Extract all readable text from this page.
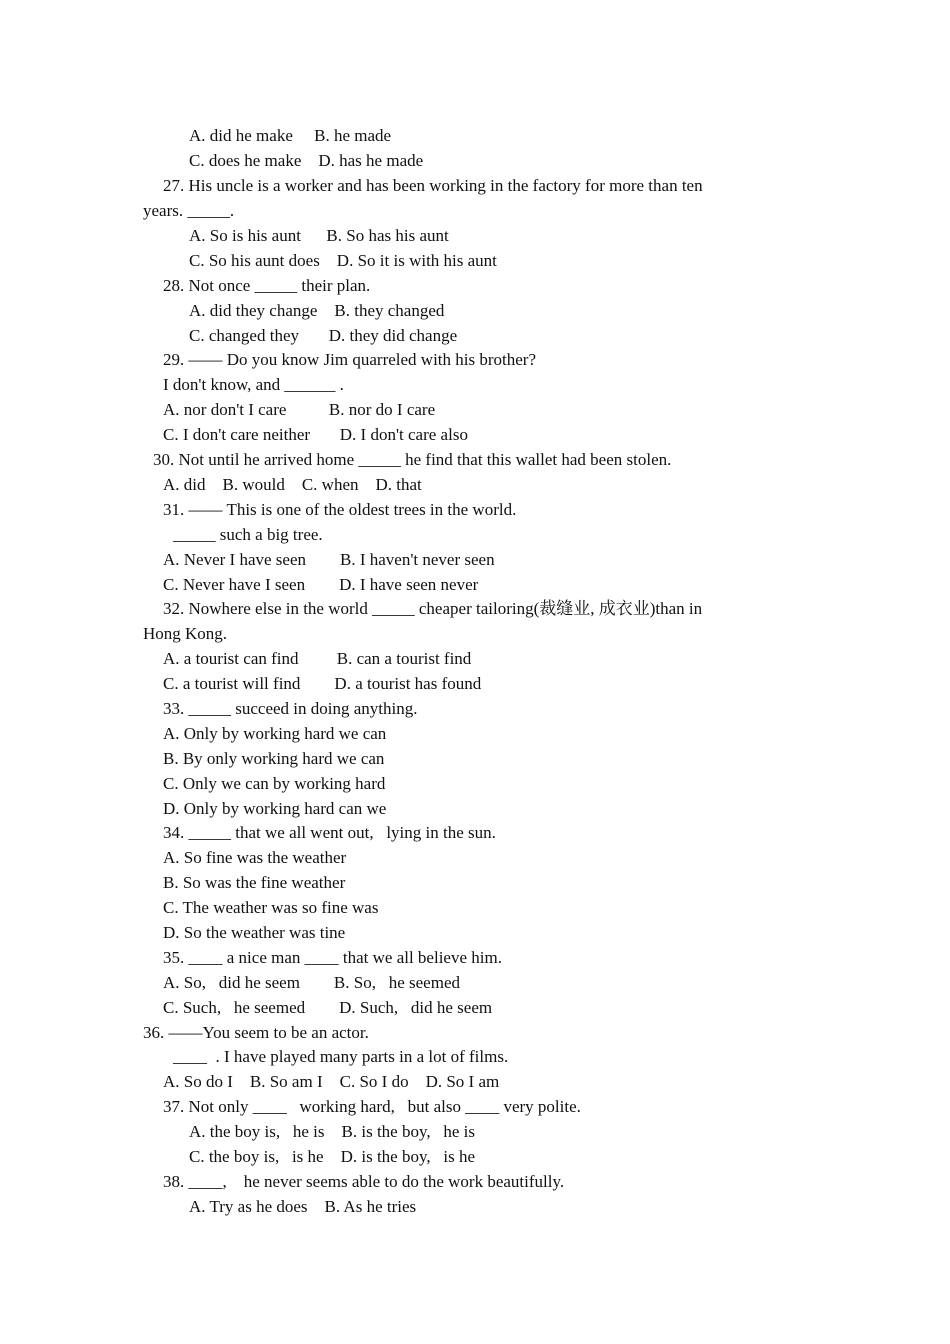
A. did he make     B. he made
C. does he make    D. has he made
27. His uncle is a worker and has been working in the factory for more than ten
years. _____.
A. So is his aunt      B. So has his aunt
C. So his aunt does    D. So it is with his aunt
28. Not once _____ their plan.
A. did they change    B. they changed
C. changed they       D. they did change
29. —— Do you know Jim quarreled with his brother?
I don't know, and ______ .
A. nor don't I care          B. nor do I care
C. I don't care neither       D. I don't care also
30. Not until he arrived home _____ he find that this wallet had been stolen.
A. did    B. would    C. when    D. that
31. —— This is one of the oldest trees in the world.
_____ such a big tree.
A. Never I have seen        B. I haven't never seen
C. Never have I seen        D. I have seen never
32. Nowhere else in the world _____ cheaper tailoring(裁缝业, 成衣业)than in
Hong Kong.
A. a tourist can find         B. can a tourist find
C. a tourist will find        D. a tourist has found
33. _____ succeed in doing anything.
A. Only by working hard we can
B. By only working hard we can
C. Only we can by working hard
D. Only by working hard can we
34. _____ that we all went out,   lying in the sun.
A. So fine was the weather
B. So was the fine weather
C. The weather was so fine was
D. So the weather was tine
35. ____ a nice man ____ that we all believe him.
A. So,   did he seem        B. So,   he seemed
C. Such,   he seemed        D. Such,   did he seem
36. ——You seem to be an actor.
____  . I have played many parts in a lot of films.
A. So do I    B. So am I    C. So I do    D. So I am
37. Not only ____   working hard,   but also ____ very polite.
A. the boy is,   he is    B. is the boy,   he is
C. the boy is,   is he    D. is the boy,   is he
38. ____,    he never seems able to do the work beautifully.
A. Try as he does    B. As he tries
